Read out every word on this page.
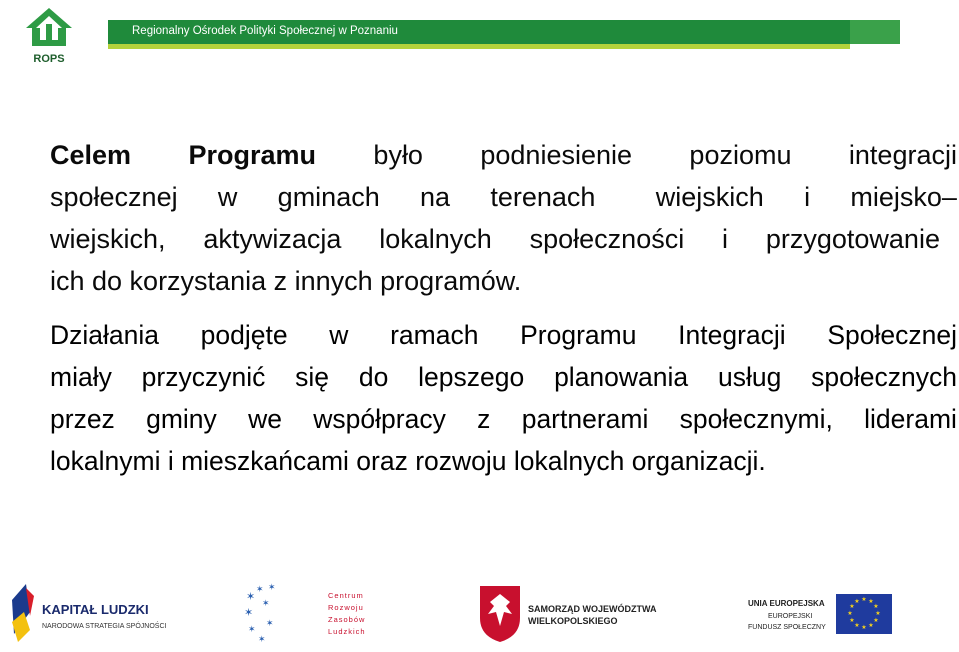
ROPS
Regionalny Ośrodek Polityki Społecznej w Poznaniu
Celem Programu było podniesienie poziomu integracji
społecznej w gminach na terenach wiejskich i miejsko–
wiejskich, aktywizacja lokalnych społeczności i przygotowanie
ich do korzystania z innych programów.
Działania podjęte w ramach Programu Integracji Społecznej
miały przyczynić się do lepszego planowania usług społecznych
przez gminy we współpracy z partnerami społecznymi, liderami
lokalnymi i mieszkańcami oraz rozwoju lokalnych organizacji.
KAPITAŁ LUDZKI
NARODOWA STRATEGIA SPÓJNOŚCI
✶
✶ ✶
✶
✶
✶
✶
✶
Centrum
Rozwoju
Zasobów
Ludzkich
SAMORZĄD WOJEWÓDZTWA
WIELKOPOLSKIEGO
UNIA EUROPEJSKA
EUROPEJSKI
FUNDUSZ SPOŁECZNY
★ ★
★
★
★
★
★
★
★
★
★
★
